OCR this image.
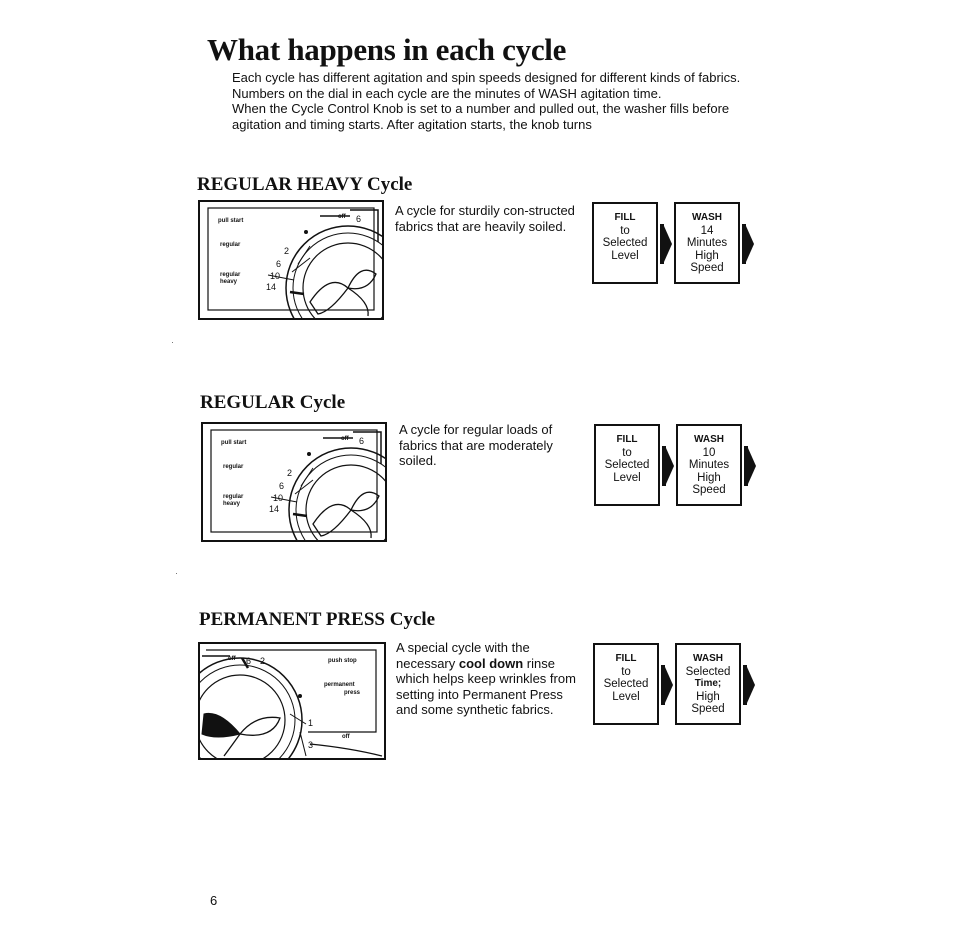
What happens in each cycle

Each cycle has different agitation and spin speeds designed for different kinds of fabrics. Numbers on the dial in each cycle are the minutes of WASH agitation time.

When the Cycle Control Knob is set to a number and pulled out, the washer fills before agitation and timing starts. After agitation starts, the knob turns

REGULAR HEAVY Cycle
pull start
regular
regular
heavy
2
6
10
14
6
off	A cycle for sturdily con-structed fabrics that are heavily soiled.
FILL
to
Selected
Level
WASH
14
Minutes
High
Speed
REGULAR Cycle
pull start
regular
regular
heavy
2
6
10
14
6
off
A cycle for regular loads of fabrics that are moderately soiled.
FILL
to
Selected
Level
WASH
10
Minutes
High
Speed
PERMANENT PRESS Cycle
6 2
off	push stop
permanent
press
1
3
off
A special cycle with the necessary cool down rinse which helps keep wrinkles from setting into Permanent Press and some synthetic fabrics.
FILL
to
Selected
Level
WASH
Selected
Time;
High
Speed
6
